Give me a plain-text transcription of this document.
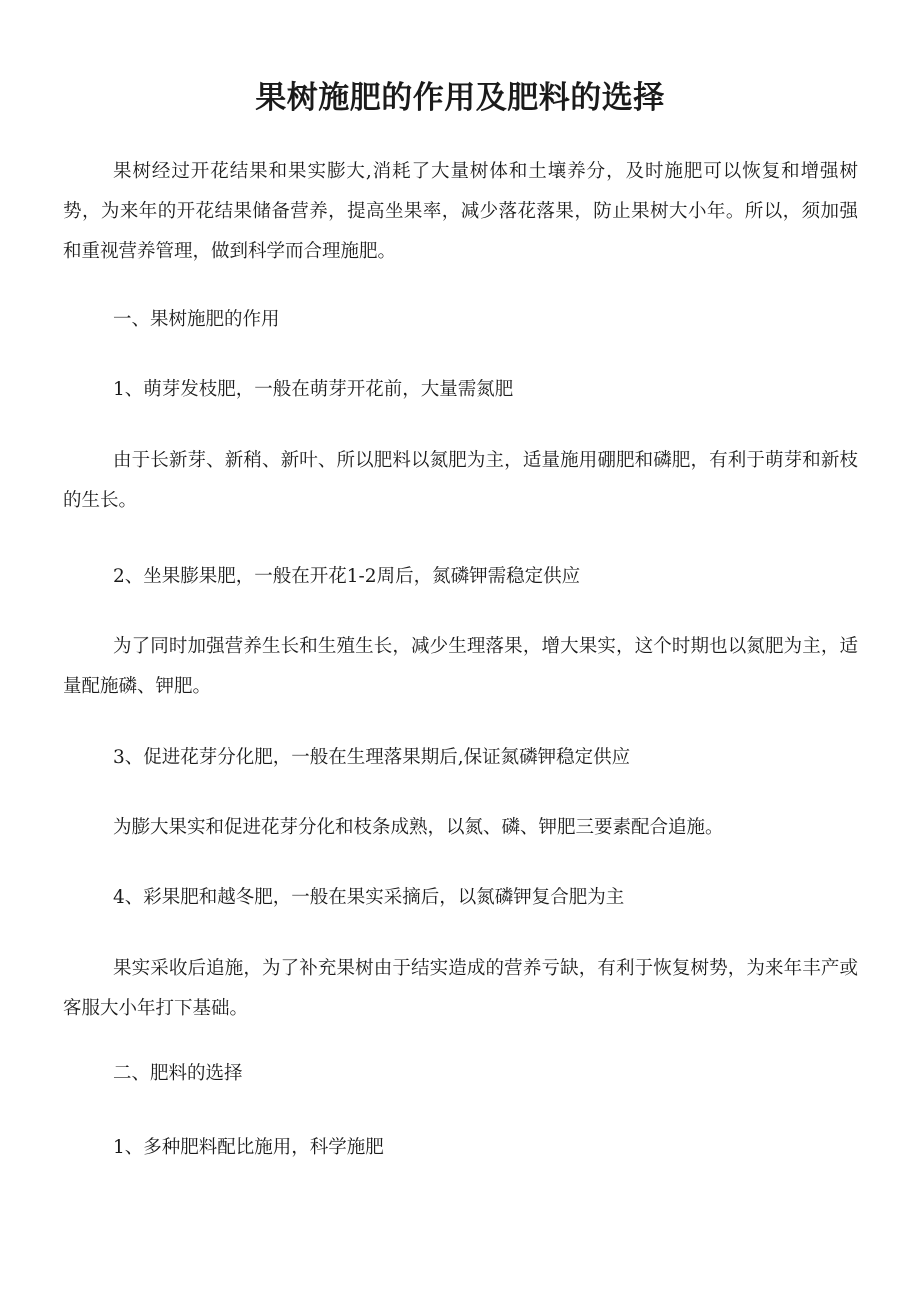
果树施肥的作用及肥料的选择

果树经过开花结果和果实膨大,消耗了大量树体和土壤养分，及时施肥可以恢复和增强树势，为来年的开花结果储备营养，提高坐果率，减少落花落果，防止果树大小年。所以，须加强和重视营养管理，做到科学而合理施肥。

一、果树施肥的作用

1、萌芽发枝肥，一般在萌芽开花前，大量需氮肥

由于长新芽、新稍、新叶、所以肥料以氮肥为主，适量施用硼肥和磷肥，有利于萌芽和新枝的生长。

2、坐果膨果肥，一般在开花1-2周后，氮磷钾需稳定供应

为了同时加强营养生长和生殖生长，减少生理落果，增大果实，这个时期也以氮肥为主，适量配施磷、钾肥。

3、促进花芽分化肥，一般在生理落果期后,保证氮磷钾稳定供应

为膨大果实和促进花芽分化和枝条成熟，以氮、磷、钾肥三要素配合追施。

4、彩果肥和越冬肥，一般在果实采摘后，以氮磷钾复合肥为主

果实采收后追施，为了补充果树由于结实造成的营养亏缺，有利于恢复树势，为来年丰产或客服大小年打下基础。

二、肥料的选择

1、多种肥料配比施用，科学施肥
